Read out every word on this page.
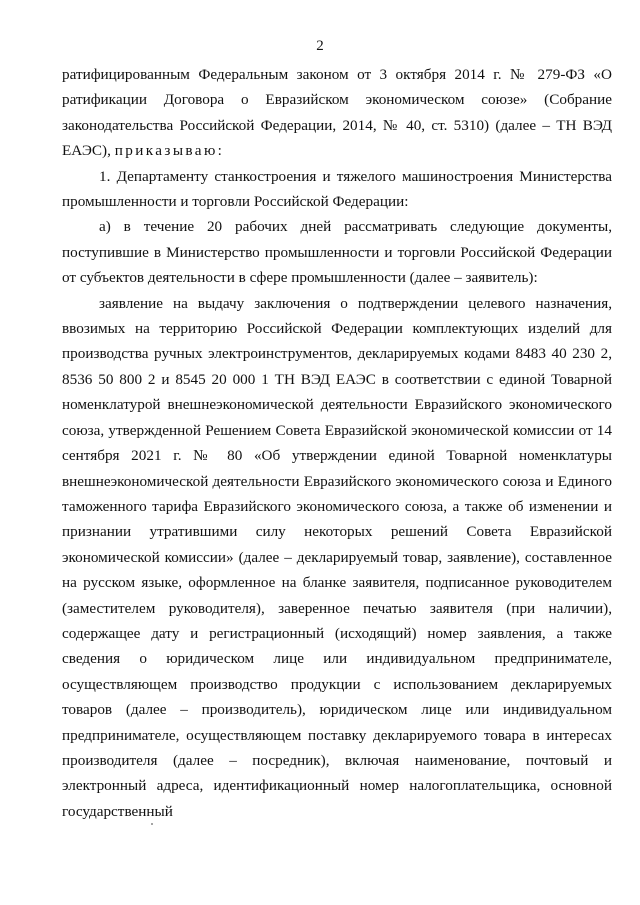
2

ратифицированным Федеральным законом от 3 октября 2014 г. № 279-ФЗ «О ратификации Договора о Евразийском экономическом союзе» (Собрание законодательства Российской Федерации, 2014, № 40, ст. 5310) (далее – ТН ВЭД ЕАЭС), приказываю:

1. Департаменту станкостроения и тяжелого машиностроения Министерства промышленности и торговли Российской Федерации:

а) в течение 20 рабочих дней рассматривать следующие документы, поступившие в Министерство промышленности и торговли Российской Федерации от субъектов деятельности в сфере промышленности (далее – заявитель):

заявление на выдачу заключения о подтверждении целевого назначения, ввозимых на территорию Российской Федерации комплектующих изделий для производства ручных электроинструментов, декларируемых кодами 8483 40 230 2, 8536 50 800 2 и 8545 20 000 1 ТН ВЭД ЕАЭС в соответствии с единой Товарной номенклатурой внешнеэкономической деятельности Евразийского экономического союза, утвержденной Решением Совета Евразийской экономической комиссии от 14 сентября 2021 г. № 80 «Об утверждении единой Товарной номенклатуры внешнеэкономической деятельности Евразийского экономического союза и Единого таможенного тарифа Евразийского экономического союза, а также об изменении и признании утратившими силу некоторых решений Совета Евразийской экономической комиссии» (далее – декларируемый товар, заявление), составленное на русском языке, оформленное на бланке заявителя, подписанное руководителем (заместителем руководителя), заверенное печатью заявителя (при наличии), содержащее дату и регистрационный (исходящий) номер заявления, а также сведения о юридическом лице или индивидуальном предпринимателе, осуществляющем производство продукции с использованием декларируемых товаров (далее – производитель), юридическом лице или индивидуальном предпринимателе, осуществляющем поставку декларируемого товара в интересах производителя (далее – посредник), включая наименование, почтовый и электронный адреса, идентификационный номер налогоплательщика, основной государственный
